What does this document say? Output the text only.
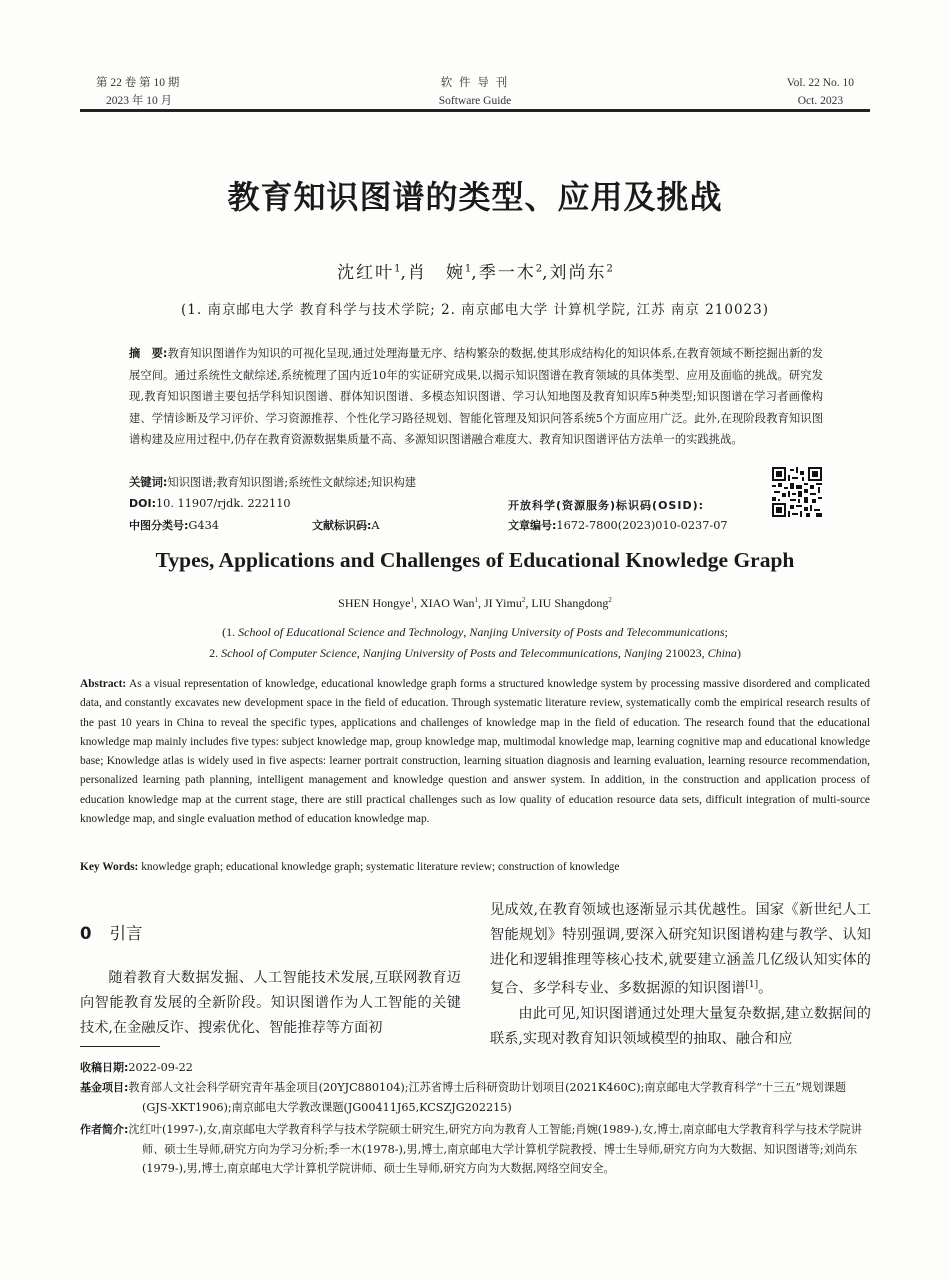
第 22 卷 第 10 期
2023 年 10 月
软 件 导 刊
Software Guide
Vol. 22 No. 10
Oct. 2023
教育知识图谱的类型、应用及挑战
沈红叶$^1$,肖　婉$^1$,季一木$^2$,刘尚东$^2$
(1. 南京邮电大学 教育科学与技术学院; 2. 南京邮电大学 计算机学院, 江苏 南京 210023)
摘　要:教育知识图谱作为知识的可视化呈现,通过处理海量无序、结构繁杂的数据,使其形成结构化的知识体系,在教育领域不断挖掘出新的发展空间。通过系统性文献综述,系统梳理了国内近10年的实证研究成果,以揭示知识图谱在教育领域的具体类型、应用及面临的挑战。研究发现,教育知识图谱主要包括学科知识图谱、群体知识图谱、多模态知识图谱、学习认知地图及教育知识库5种类型;知识图谱在学习者画像构建、学情诊断及学习评价、学习资源推荐、个性化学习路径规划、智能化管理及知识问答系统5个方面应用广泛。此外,在现阶段教育知识图谱构建及应用过程中,仍存在教育资源数据集质量不高、多源知识图谱融合难度大、教育知识图谱评估方法单一的实践挑战。
关键词:知识图谱;教育知识图谱;系统性文献综述;知识构建
DOI:10. 11907/rjdk. 222110	开放科学(资源服务)标识码(OSID):
中图分类号:G434	文献标识码:A	文章编号:1672-7800(2023)010-0237-07
Types, Applications and Challenges of Educational Knowledge Graph
SHEN Hongye$^1$, XIAO Wan$^1$, JI Yimu$^2$, LIU Shangdong$^2$
(1. School of Educational Science and Technology, Nanjing University of Posts and Telecommunications;
2. School of Computer Science, Nanjing University of Posts and Telecommunications, Nanjing 210023, China)
Abstract: As a visual representation of knowledge, educational knowledge graph forms a structured knowledge system by processing massive disordered and complicated data, and constantly excavates new development space in the field of education. Through systematic literature review, systematically comb the empirical research results of the past 10 years in China to reveal the specific types, applications and challenges of knowledge map in the field of education. The research found that the educational knowledge map mainly includes five types: subject knowledge map, group knowledge map, multimodal knowledge map, learning cognitive map and educational knowledge base; Knowledge atlas is widely used in five aspects: learner portrait construction, learning situation diagnosis and learning evaluation, learning resource recommendation, personalized learning path planning, intelligent management and knowledge question and answer system. In addition, in the construction and application process of education knowledge map at the current stage, there are still practical challenges such as low quality of education resource data sets, difficult integration of multi-source knowledge map, and single evaluation method of education knowledge map.
Key Words: knowledge graph; educational knowledge graph; systematic literature review; construction of knowledge
0 引言
随着教育大数据发掘、人工智能技术发展,互联网教育迈向智能教育发展的全新阶段。知识图谱作为人工智能的关键技术,在金融反诈、搜索优化、智能推荐等方面初
见成效,在教育领域也逐渐显示其优越性。国家《新世纪人工智能规划》特别强调,要深入研究知识图谱构建与教学、认知进化和逻辑推理等核心技术,就要建立涵盖几亿级认知实体的复合、多学科专业、多数据源的知识图谱[1]。
由此可见,知识图谱通过处理大量复杂数据,建立数据间的联系,实现对教育知识领域模型的抽取、融合和应
收稿日期:2022-09-22
基金项目:教育部人文社会科学研究青年基金项目(20YJC880104);江苏省博士后科研资助计划项目(2021K460C);南京邮电大学教育科学“十三五”规划课题(GJS-XKT1906);南京邮电大学教改课题(JG00411J65,KCSZJG202215)
作者简介:沈红叶(1997-),女,南京邮电大学教育科学与技术学院硕士研究生,研究方向为教育人工智能;肖婉(1989-),女,博士,南京邮电大学教育科学与技术学院讲师、硕士生导师,研究方向为学习分析;季一木(1978-),男,博士,南京邮电大学计算机学院教授、博士生导师,研究方向为大数据、知识图谱等;刘尚东(1979-),男,博士,南京邮电大学计算机学院讲师、硕士生导师,研究方向为大数据,网络空间安全。
